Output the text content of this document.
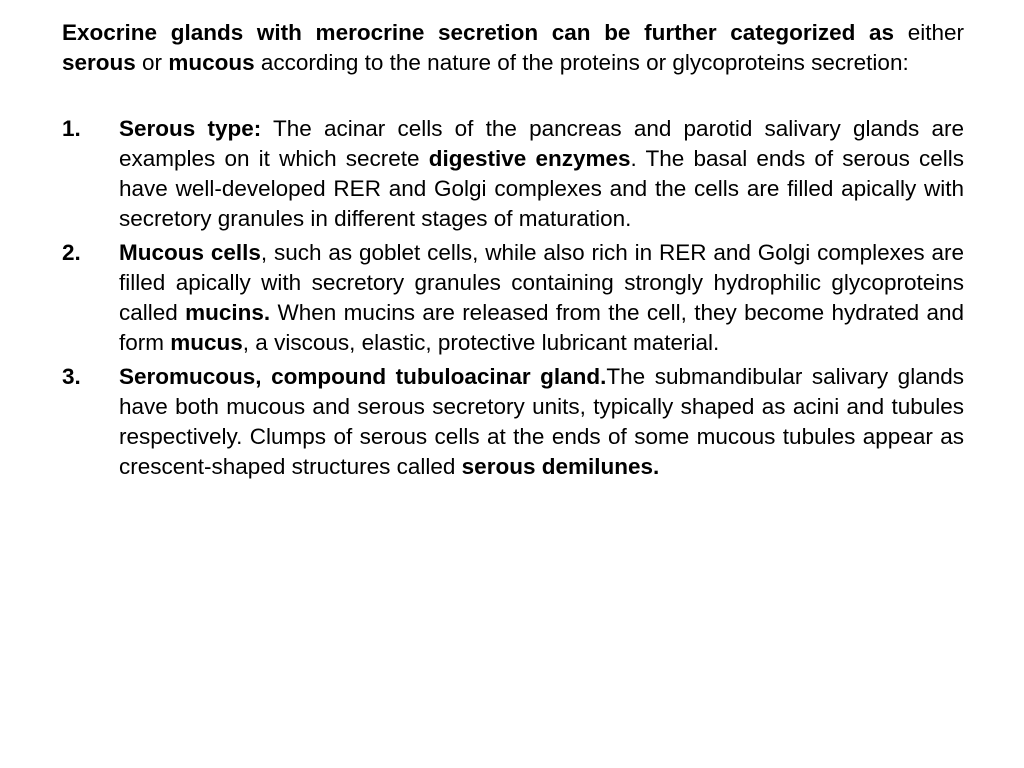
Exocrine glands with merocrine secretion can be further categorized as either serous or mucous according to the nature of the proteins or glycoproteins secretion:

1.	Serous type: The acinar cells of the pancreas and parotid salivary glands are examples on it which secrete digestive enzymes. The basal ends of serous cells have well-developed RER and Golgi complexes and the cells are filled apically with secretory granules in different stages of maturation.
2.	Mucous cells, such as goblet cells, while also rich in RER and Golgi complexes are filled apically with secretory granules containing strongly hydrophilic glycoproteins called mucins. When mucins are released from the cell, they become hydrated and form mucus, a viscous, elastic, protective lubricant material.
3.	Seromucous, compound tubuloacinar gland.The submandibular salivary glands have both mucous and serous secretory units, typically shaped as acini and tubules respectively. Clumps of serous cells at the ends of some mucous tubules appear as crescent-shaped structures called serous demilunes.
